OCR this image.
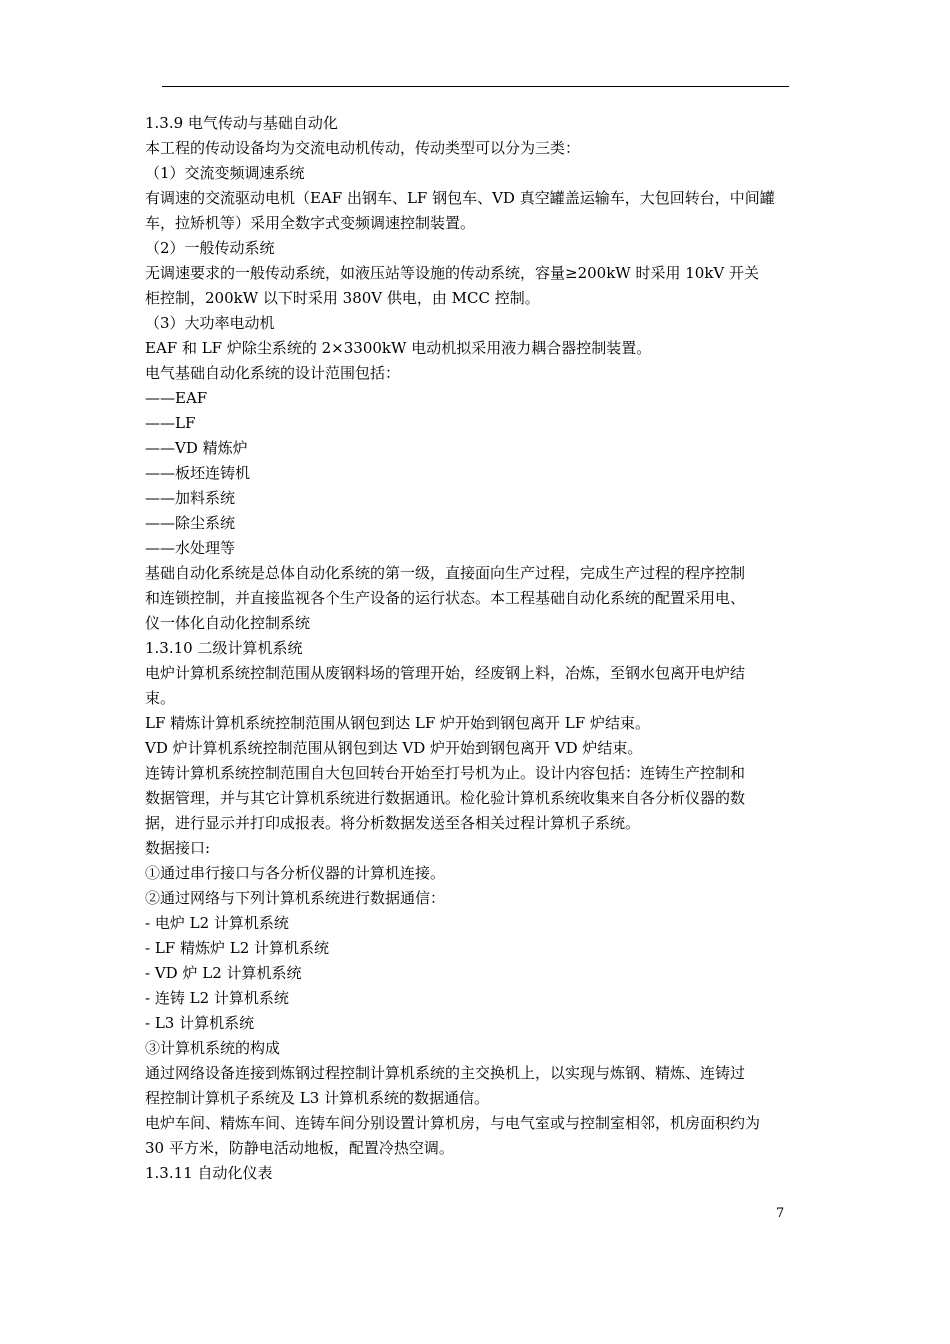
1.3.9 电气传动与基础自动化
本工程的传动设备均为交流电动机传动，传动类型可以分为三类：
（1）交流变频调速系统
有调速的交流驱动电机（EAF 出钢车、LF 钢包车、VD 真空罐盖运输车，大包回转台，中间罐
车，拉矫机等）采用全数字式变频调速控制装置。
（2）一般传动系统
无调速要求的一般传动系统，如液压站等设施的传动系统，容量≥200kW 时采用 10kV 开关
柜控制，200kW 以下时采用 380V 供电，由 MCC 控制。
（3）大功率电动机
EAF 和 LF 炉除尘系统的 2×3300kW 电动机拟采用液力耦合器控制装置。
电气基础自动化系统的设计范围包括：
——EAF
——LF
——VD 精炼炉
——板坯连铸机
——加料系统
——除尘系统
——水处理等
基础自动化系统是总体自动化系统的第一级，直接面向生产过程，完成生产过程的程序控制
和连锁控制，并直接监视各个生产设备的运行状态。本工程基础自动化系统的配置采用电、
仪一体化自动化控制系统
1.3.10 二级计算机系统
电炉计算机系统控制范围从废钢料场的管理开始，经废钢上料，冶炼，至钢水包离开电炉结
束。
LF 精炼计算机系统控制范围从钢包到达 LF 炉开始到钢包离开 LF 炉结束。
VD 炉计算机系统控制范围从钢包到达 VD 炉开始到钢包离开 VD 炉结束。
连铸计算机系统控制范围自大包回转台开始至打号机为止。设计内容包括：连铸生产控制和
数据管理，并与其它计算机系统进行数据通讯。检化验计算机系统收集来自各分析仪器的数
据，进行显示并打印成报表。将分析数据发送至各相关过程计算机子系统。
数据接口:
①通过串行接口与各分析仪器的计算机连接。
②通过网络与下列计算机系统进行数据通信：
- 电炉 L2 计算机系统
- LF 精炼炉 L2 计算机系统
- VD 炉 L2 计算机系统
- 连铸 L2 计算机系统
- L3 计算机系统
③计算机系统的构成
通过网络设备连接到炼钢过程控制计算机系统的主交换机上，以实现与炼钢、精炼、连铸过
程控制计算机子系统及 L3 计算机系统的数据通信。
电炉车间、精炼车间、连铸车间分别设置计算机房，与电气室或与控制室相邻，机房面积约为
30 平方米，防静电活动地板，配置冷热空调。
1.3.11 自动化仪表
7
